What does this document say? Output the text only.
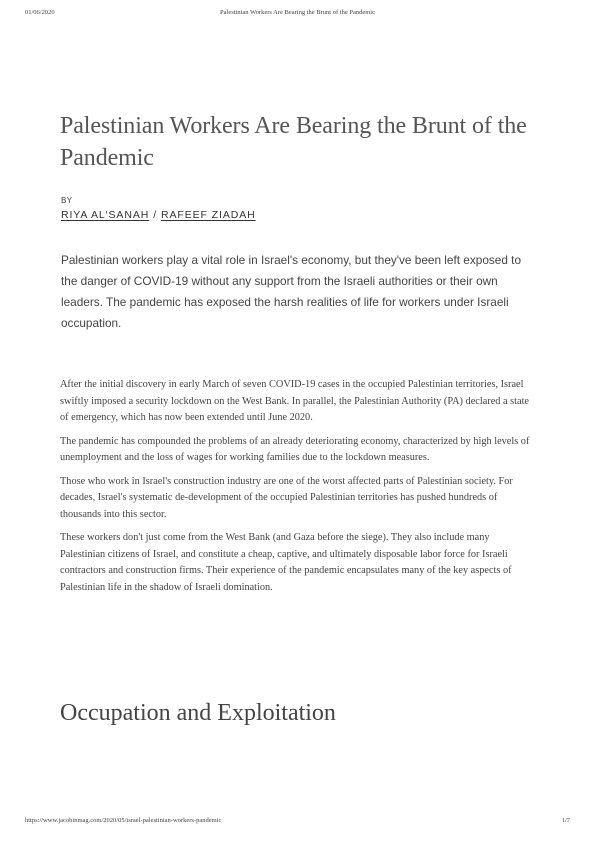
01/06/2020	Palestinian Workers Are Bearing the Brunt of the Pandemic
Palestinian Workers Are Bearing the Brunt of the Pandemic
BY
RIYA AL'SANAH / RAFEEF ZIADAH

Palestinian workers play a vital role in Israel's economy, but they've been left exposed to the danger of COVID-19 without any support from the Israeli authorities or their own leaders. The pandemic has exposed the harsh realities of life for workers under Israeli occupation.

After the initial discovery in early March of seven COVID-19 cases in the occupied Palestinian territories, Israel swiftly imposed a security lockdown on the West Bank. In parallel, the Palestinian Authority (PA) declared a state of emergency, which has now been extended until June 2020.

The pandemic has compounded the problems of an already deteriorating economy, characterized by high levels of unemployment and the loss of wages for working families due to the lockdown measures.

Those who work in Israel's construction industry are one of the worst affected parts of Palestinian society. For decades, Israel's systematic de-development of the occupied Palestinian territories has pushed hundreds of thousands into this sector.

These workers don't just come from the West Bank (and Gaza before the siege). They also include many Palestinian citizens of Israel, and constitute a cheap, captive, and ultimately disposable labor force for Israeli contractors and construction firms. Their experience of the pandemic encapsulates many of the key aspects of Palestinian life in the shadow of Israeli domination.

Occupation and Exploitation
https://www.jacobinmag.com/2020/05/israel-palestinian-workers-pandemic	1/7
